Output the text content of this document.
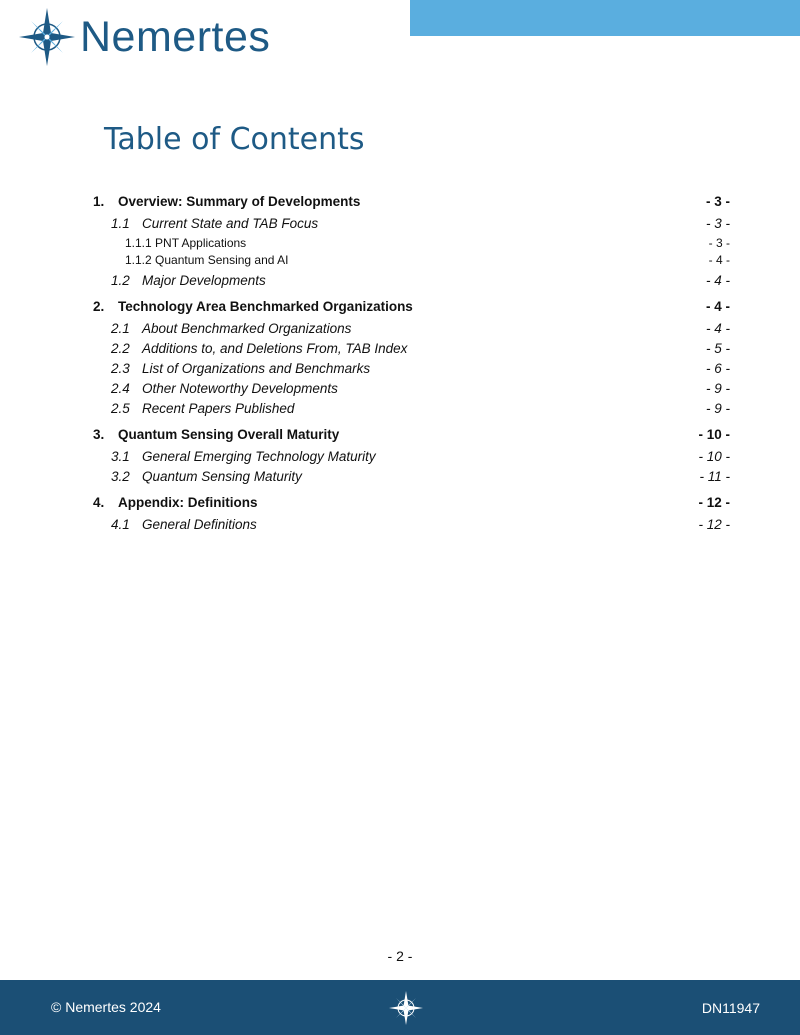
Nemertes
Table of Contents
1. Overview: Summary of Developments	- 3 -
1.1 Current State and TAB Focus	- 3 -
1.1.1 PNT Applications	- 3 -
1.1.2 Quantum Sensing and AI	- 4 -
1.2 Major Developments	- 4 -
2. Technology Area Benchmarked Organizations	- 4 -
2.1 About Benchmarked Organizations	- 4 -
2.2 Additions to, and Deletions From, TAB Index	- 5 -
2.3 List of Organizations and Benchmarks	- 6 -
2.4 Other Noteworthy Developments	- 9 -
2.5 Recent Papers Published	- 9 -
3. Quantum Sensing Overall Maturity	- 10 -
3.1 General Emerging Technology Maturity	- 10 -
3.2 Quantum Sensing Maturity	- 11 -
4. Appendix: Definitions	- 12 -
4.1 General Definitions	- 12 -
- 2 -
© Nemertes 2024	DN11947
